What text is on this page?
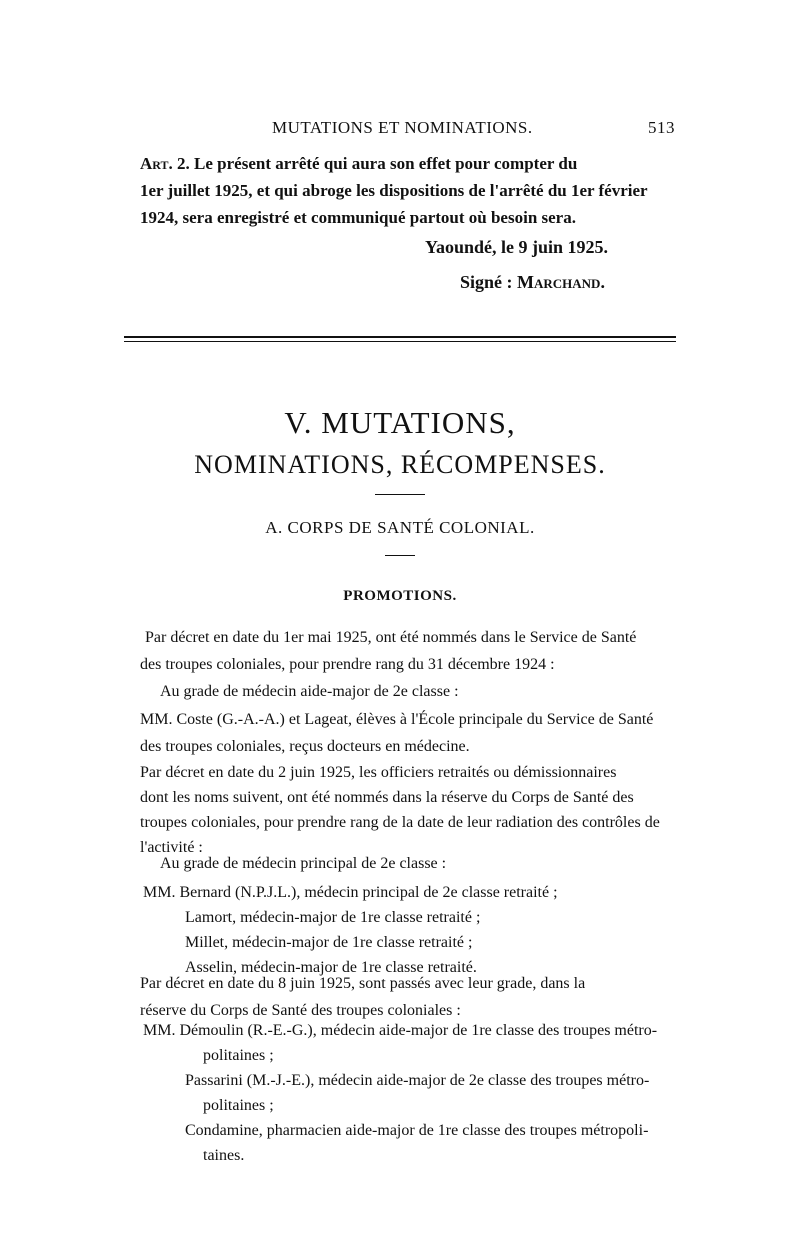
MUTATIONS ET NOMINATIONS.	513
Art. 2. Le présent arrêté qui aura son effet pour compter du
1er juillet 1925, et qui abroge les dispositions de l'arrêté du 1er février
1924, sera enregistré et communiqué partout où besoin sera.
Yaoundé, le 9 juin 1925.
Signé : Marchand.
V. MUTATIONS,
NOMINATIONS, RÉCOMPENSES.
A. CORPS DE SANTÉ COLONIAL.
PROMOTIONS.
Par décret en date du 1er mai 1925, ont été nommés dans le Service de Santé
des troupes coloniales, pour prendre rang du 31 décembre 1924 :
Au grade de médecin aide-major de 2e classe :
MM. Coste (G.-A.-A.) et Lageat, élèves à l'École principale du Service de Santé
des troupes coloniales, reçus docteurs en médecine.
Par décret en date du 2 juin 1925, les officiers retraités ou démissionnaires
dont les noms suivent, ont été nommés dans la réserve du Corps de Santé des
troupes coloniales, pour prendre rang de la date de leur radiation des contrôles de
l'activité :
Au grade de médecin principal de 2e classe :
MM. Bernard (N.P.J.L.), médecin principal de 2e classe retraité ;
Lamort, médecin-major de 1re classe retraité ;
Millet, médecin-major de 1re classe retraité ;
Asselin, médecin-major de 1re classe retraité.
Par décret en date du 8 juin 1925, sont passés avec leur grade, dans la
réserve du Corps de Santé des troupes coloniales :
MM. Démoulin (R.-E.-G.), médecin aide-major de 1re classe des troupes métro-
politaines ;
Passarini (M.-J.-E.), médecin aide-major de 2e classe des troupes métro-
politaines ;
Condamine, pharmacien aide-major de 1re classe des troupes métropoli-
taines.
